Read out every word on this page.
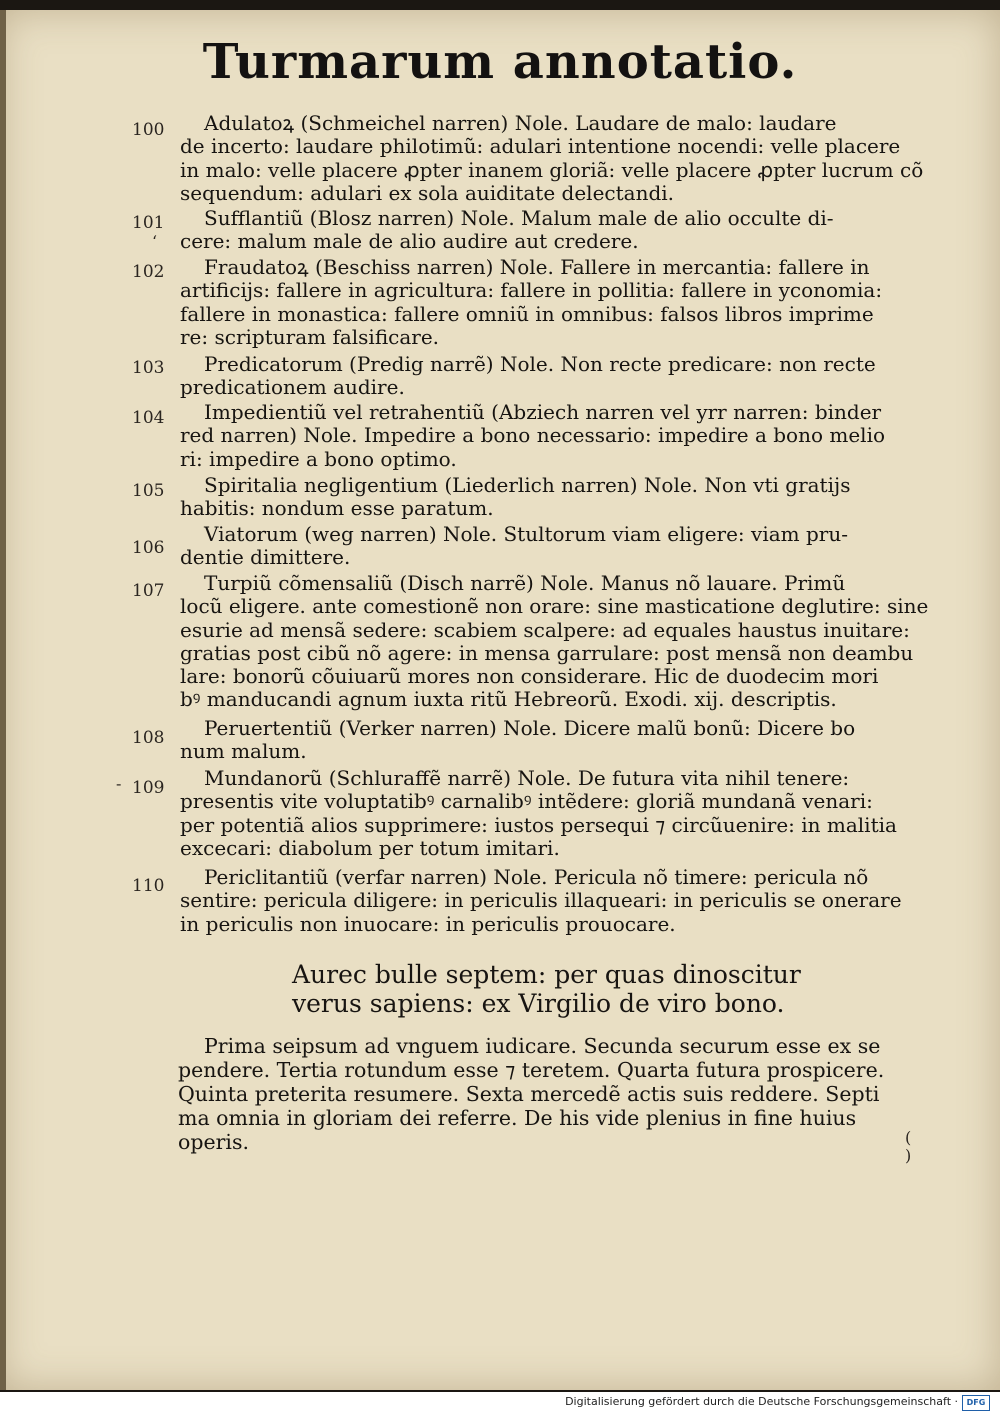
Turmarum annotatio.
100	Adulatoꝝ (Schmeichel narren) Nole. Laudare de malo: laudare
de incerto: laudare philotimũ: adulari intentione nocendi: velle placere
in malo: velle placere ꝓpter inanem gloriã: velle placere ꝓpter lucrum cõ
sequendum: adulari ex sola auiditate delectandi.
101
‘
Sufflantiũ (Blosz narren) Nole. Malum male de alio occulte di-
cere: malum male de alio audire aut credere.
102	Fraudatoꝝ (Beschiss narren) Nole. Fallere in mercantia: fallere in
artificijs: fallere in agricultura: fallere in pollitia: fallere in yconomia:
fallere in monastica: fallere omniũ in omnibus: falsos libros imprime
re: scripturam falsificare.
103	Predicatorum (Predig narrẽ) Nole. Non recte predicare: non recte
predicationem audire.
104	Impedientiũ vel retrahentiũ (Abziech narren vel yrr narren: binder
red narren) Nole. Impedire a bono necessario: impedire a bono melio
ri: impedire a bono optimo.
105	Spiritalia negligentium (Liederlich narren) Nole. Non vti gratijs
habitis: nondum esse paratum.
106
Viatorum (weg narren) Nole. Stultorum viam eligere: viam pru-
dentie dimittere.
107	Turpiũ cõmensaliũ (Disch narrẽ) Nole. Manus nõ lauare. Primũ
locũ eligere. ante comestionẽ non orare: sine masticatione deglutire: sine
esurie ad mensã sedere: scabiem scalpere: ad equales haustus inuitare:
gratias post cibũ nõ agere: in mensa garrulare: post mensã non deambu
lare: bonorũ cõuiuarũ mores non considerare. Hic de duodecim mori
bꝰ manducandi agnum iuxta ritũ Hebreorũ. Exodi. xij. descriptis.
108	Peruertentiũ (Verker narren) Nole. Dicere malũ bonũ: Dicere bo
num malum.
- 109	Mundanorũ (Schluraffẽ narrẽ) Nole. De futura vita nihil tenere:
presentis vite voluptatibꝰ carnalibꝰ intẽdere: gloriã mundanã venari:
per potentiã alios supprimere: iustos persequi ⁊ circũuenire: in malitia
excecari: diabolum per totum imitari.
110	Periclitantiũ (verfar narren) Nole. Pericula nõ timere: pericula nõ
sentire: pericula diligere: in periculis illaqueari: in periculis se onerare
in periculis non inuocare: in periculis prouocare.
Aurec bulle septem: per quas dinoscitur
verus sapiens: ex Virgilio de viro bono.
Prima seipsum ad vnguem iudicare. Secunda securum esse ex se
pendere. Tertia rotundum esse ⁊ teretem. Quarta futura prospicere.
Quinta preterita resumere. Sexta mercedẽ actis suis reddere. Septi
ma omnia in gloriam dei referre. De his vide plenius in fine huius
operis.	(
)
Digitalisierung gefördert durch die Deutsche Forschungsgemeinschaft ·	DFG
